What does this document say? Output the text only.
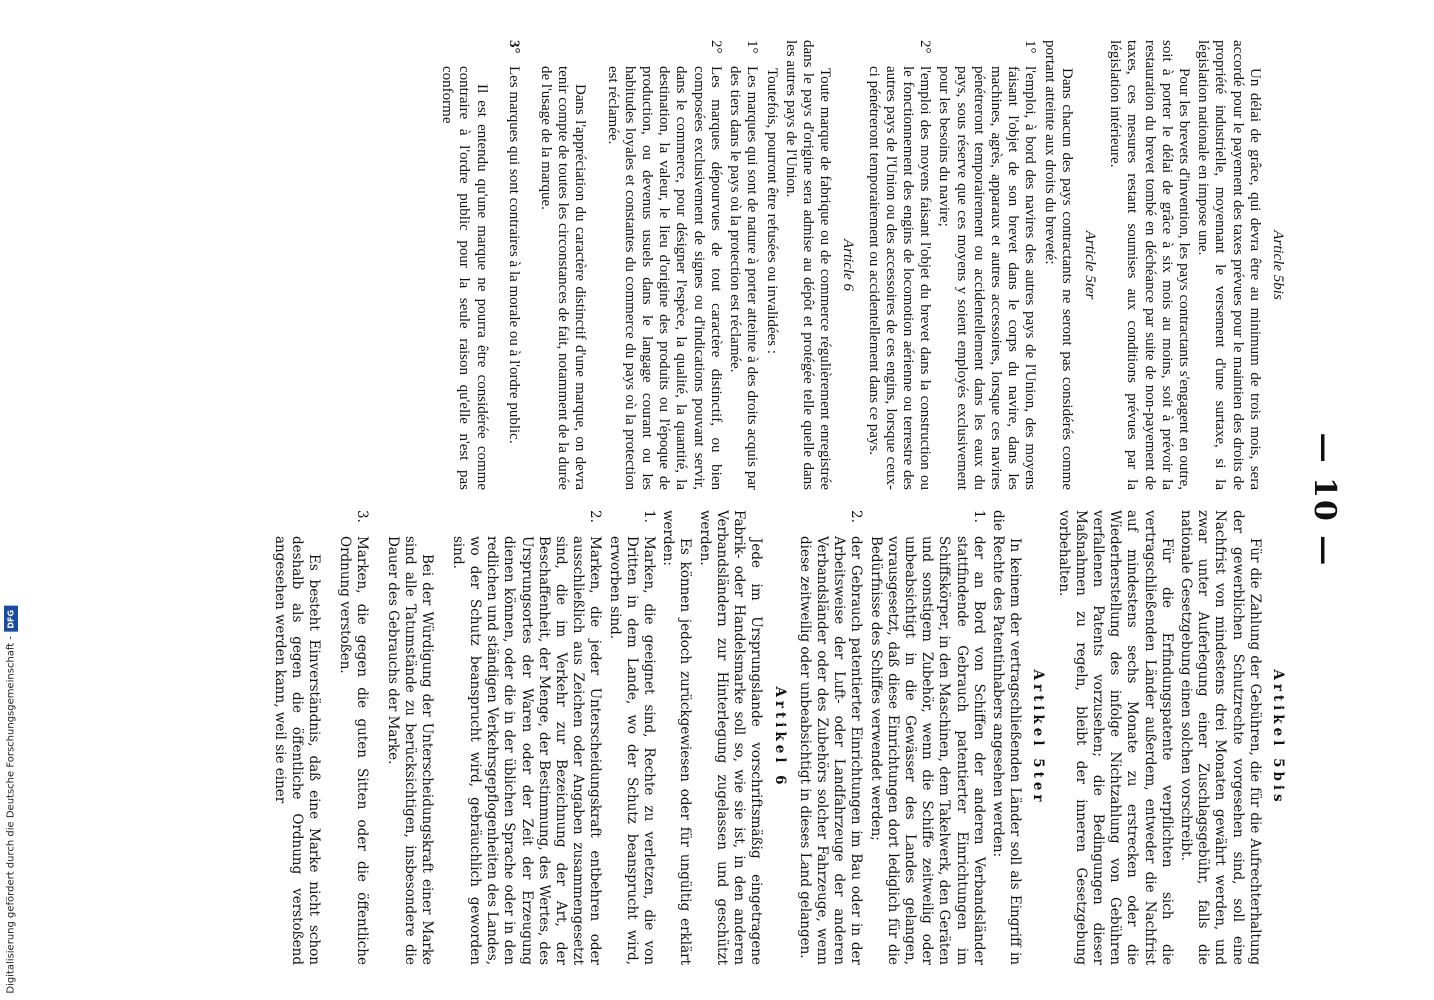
— 10 —
Article 5bis

Un délai de grâce, qui devra être au minimum de trois mois, sera accordé pour le payement des taxes prévues pour le maintien des droits de propriété industrielle, moyennant le versement d'une surtaxe, si la législation nationale en impose une.

Pour les brevets d'invention, les pays contractants s'engagent en outre, soit à porter le délai de grâce à six mois au moins, soit à prévoir la restauration du brevet tombé en déchéance par suite de non-payement de taxes, ces mesures restant soumises aux conditions prévues par la législation intérieure.

Article 5ter

Dans chacun des pays contractants ne seront pas considérés comme portant atteinte aux droits du breveté:

1°
l'emploi, à bord des navires des autres pays de l'Union, des moyens faisant l'objet de son brevet dans le corps du navire, dans les machines, agrès, apparaux et autres accessoires, lorsque ces navires pénétreront temporairement ou accidentellement dans les eaux du pays, sous réserve que ces moyens y soient employés exclusivement pour les besoins du navire;
2°
l'emploi des moyens faisant l'objet du brevet dans la construction ou le fonctionnement des engins de locomotion aérienne ou terrestre des autres pays de l'Union ou des accessoires de ces engins, lorsque ceux-ci pénétreront temporairement ou accidentellement dans ce pays.
Article 6

Toute marque de fabrique ou de commerce régulièrement enregistrée dans le pays d'origine sera admise au dépôt et protégée telle quelle dans les autres pays de l'Union.

Toutefois, pourront être refusées ou invalidées :

1°
Les marques qui sont de nature à porter atteinte à des droits acquis par des tiers dans le pays où la protection est réclamée.
2°
Les marques dépourvues de tout caractère distinctif, ou bien composées exclusivement de signes ou d'indications pouvant servir, dans le commerce, pour désigner l'espèce, la qualité, la quantité, la destination, la valeur, le lieu d'origine des produits ou l'époque de production, ou devenus usuels dans le langage courant ou les habitudes loyales et constantes du commerce du pays où la protection est réclamée.

Dans l'appréciation du caractère distinctif d'une marque, on devra tenir compte de toutes les circonstances de fait, notamment de la durée de l'usage de la marque.

3°
Les marques qui sont contraires à la morale ou à l'ordre public.

Il est entendu qu'une marque ne pourra être considérée comme contraire à l'ordre public pour la seule raison qu'elle n'est pas conforme

Artikel 5bis

Für die Zahlung der Gebühren, die für die Aufrechterhaltung der gewerblichen Schutzrechte vorgesehen sind, soll eine Nachfrist von mindestens drei Monaten gewährt werden, und zwar unter Auferlegung einer Zuschlagsgebühr, falls die nationale Gesetzgebung einen solchen vorschreibt.

Für die Erfindungspatente verpflichten sich die vertragschließenden Länder außerdem, entweder die Nachfrist auf mindestens sechs Monate zu erstrecken oder die Wiederherstellung des infolge Nichtzahlung von Gebühren verfallenen Patents vorzusehen; die Bedingungen dieser Maßnahmen zu regeln, bleibt der inneren Gesetzgebung vorbehalten.

Artikel 5ter

In keinem der vertragschließenden Länder soll als Eingriff in die Rechte des Patentinhabers angesehen werden:

1.
der an Bord von Schiffen der anderen Verbandsländer stattfindende Gebrauch patentierter Einrichtungen im Schiffskörper, in den Maschinen, dem Takelwerk, den Geräten und sonstigem Zubehör, wenn die Schiffe zeitweilig oder unbeabsichtigt in die Gewässer des Landes gelangen, vorausgesetzt, daß diese Einrichtungen dort lediglich für die Bedürfnisse des Schiffes verwendet werden;
2.
der Gebrauch patentierter Einrichtungen im Bau oder in der Arbeitsweise der Luft- oder Landfahrzeuge der anderen Verbandsländer oder des Zubehörs solcher Fahrzeuge, wenn diese zeitweilig oder unbeabsichtigt in dieses Land gelangen.
Artikel 6

Jede im Ursprungslande vorschriftsmäßig eingetragene Fabrik- oder Handelsmarke soll so, wie sie ist, in den anderen Verbandsländern zur Hinterlegung zugelassen und geschützt werden.

Es können jedoch zurückgewiesen oder für ungültig erklärt werden:

1.
Marken, die geeignet sind, Rechte zu verletzen, die von Dritten in dem Lande, wo der Schutz beansprucht wird, erworben sind.
2.
Marken, die jeder Unterscheidungskraft entbehren oder ausschließlich aus Zeichen oder Angaben zusammengesetzt sind, die im Verkehr zur Bezeichnung der Art, der Beschaffenheit, der Menge, der Bestimmung, des Wertes, des Ursprungsortes der Waren oder der Zeit der Erzeugung dienen können, oder die in der üblichen Sprache oder in den redlichen und ständigen Verkehrsgepflogenheiten des Landes, wo der Schutz beansprucht wird, gebräuchlich geworden sind.

Bei der Würdigung der Unterscheidungskraft einer Marke sind alle Tatumstände zu berücksichtigen, insbesondere die Dauer des Gebrauchs der Marke.

3.
Marken, die gegen die guten Sitten oder die öffentliche Ordnung verstoßen.

Es besteht Einverständnis, daß eine Marke nicht schon deshalb als gegen die öffentliche Ordnung verstoßend angesehen werden kann, weil sie einer

Digitalisierung gefördert durch die Deutsche Forschungsgemeinschaft -
DFG
